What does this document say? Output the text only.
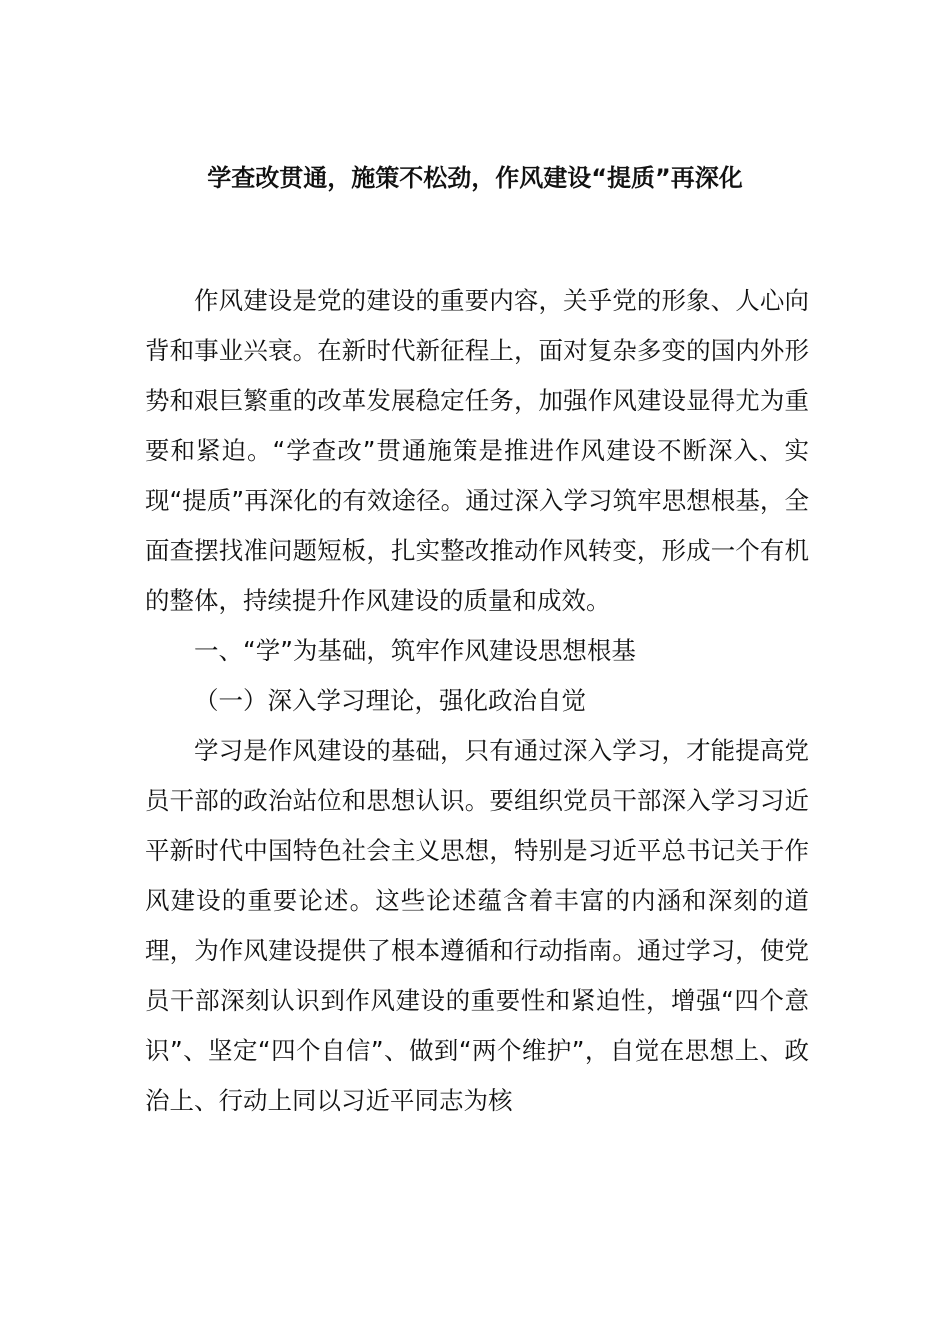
学查改贯通，施策不松劲，作风建设“提质”再深化

作风建设是党的建设的重要内容，关乎党的形象、人心向背和事业兴衰。在新时代新征程上，面对复杂多变的国内外形势和艰巨繁重的改革发展稳定任务，加强作风建设显得尤为重要和紧迫。“学查改”贯通施策是推进作风建设不断深入、实现“提质”再深化的有效途径。通过深入学习筑牢思想根基，全面查摆找准问题短板，扎实整改推动作风转变，形成一个有机的整体，持续提升作风建设的质量和成效。

一、“学”为基础，筑牢作风建设思想根基

（一）深入学习理论，强化政治自觉

学习是作风建设的基础，只有通过深入学习，才能提高党员干部的政治站位和思想认识。要组织党员干部深入学习习近平新时代中国特色社会主义思想，特别是习近平总书记关于作风建设的重要论述。这些论述蕴含着丰富的内涵和深刻的道理，为作风建设提供了根本遵循和行动指南。通过学习，使党员干部深刻认识到作风建设的重要性和紧迫性，增强“四个意识”、坚定“四个自信”、做到“两个维护”，自觉在思想上、政治上、行动上同以习近平同志为核
